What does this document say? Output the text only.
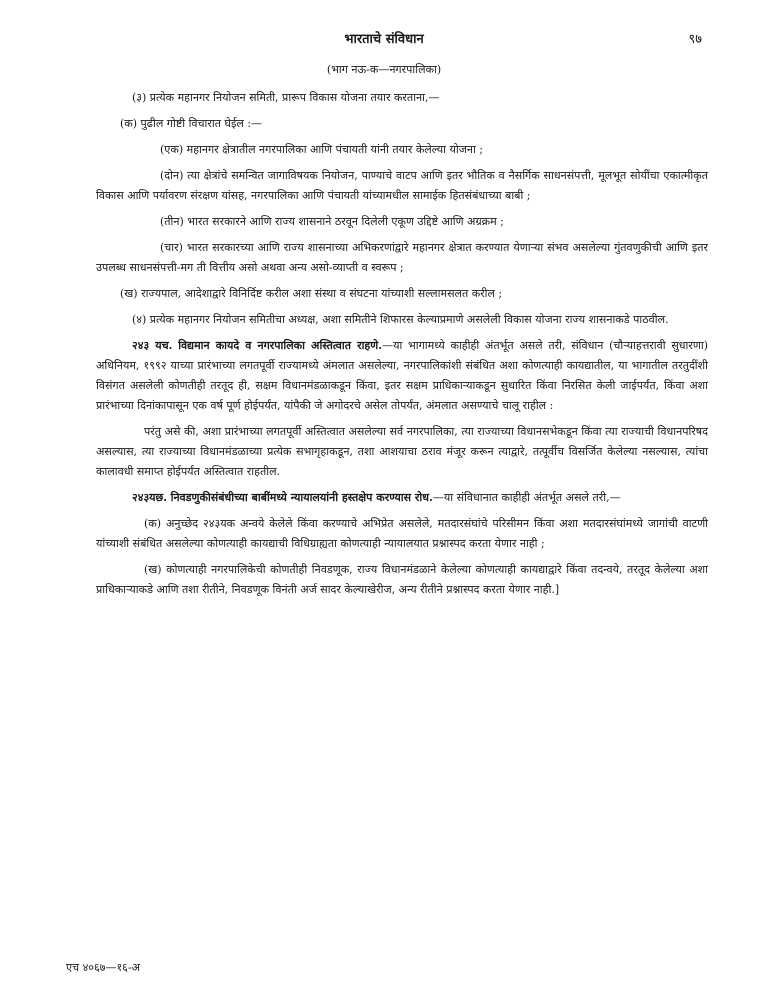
भारताचे संविधान	९७
(भाग नऊ-क—नगरपालिका)

(३) प्रत्येक महानगर नियोजन समिती, प्रारूप विकास योजना तयार करताना,—

(क) पुढील गोष्टी विचारात घेईल :—

(एक) महानगर क्षेत्रातील नगरपालिका आणि पंचायती यांनी तयार केलेल्या योजना ;

(दोन) त्या क्षेत्रांचे समन्वित जागाविषयक नियोजन, पाण्याचे वाटप आणि इतर भौतिक व नैसर्गिक साधनसंपत्ती, मूलभूत सोयींचा एकात्मीकृत विकास आणि पर्यावरण संरक्षण यांसह, नगरपालिका आणि पंचायती यांच्यामधील सामाईक हितसंबंधाच्या बाबी ;

(तीन) भारत सरकारने आणि राज्य शासनाने ठरवून दिलेली एकूण उद्दिष्टे आणि अग्रक्रम ;

(चार) भारत सरकारच्या आणि राज्य शासनाच्या अभिकरणांद्वारे महानगर क्षेत्रात करण्यात येणाऱ्या संभव असलेल्या गुंतवणुकीची आणि इतर उपलब्ध साधनसंपत्ती-मग ती वित्तीय असो अथवा अन्य असो-व्याप्ती व स्वरूप ;

(ख) राज्यपाल, आदेशाद्वारे विनिर्दिष्ट करील अशा संस्था व संघटना यांच्याशी सल्लामसलत करील ;

(४) प्रत्येक महानगर नियोजन समितीचा अध्यक्ष, अशा समितीने शिफारस केल्याप्रमाणे असलेली विकास योजना राज्य शासनाकडे पाठवील.

२४३ यच. विद्यमान कायदे व नगरपालिका अस्तित्वात राहणे.—या भागामध्ये काहीही अंतर्भूत असले तरी, संविधान (चौऱ्याहत्तरावी सुधारणा) अधिनियम, १९९२ याच्या प्रारंभाच्या लगतपूर्वी राज्यामध्ये अंमलात असलेल्या, नगरपालिकांशी संबंधित अशा कोणत्याही कायद्यातील, या भागातील तरतुदींशी विसंगत असलेली कोणतीही तरतूद ही, सक्षम विधानमंडळाकडून किंवा, इतर सक्षम प्राधिकाऱ्याकडून सुधारित किंवा निरसित केली जाईपर्यंत, किंवा अशा प्रारंभाच्या दिनांकापासून एक वर्ष पूर्ण होईपर्यंत, यांपैकी जे अगोदरचे असेल तोपर्यंत, अंमलात असण्याचे चालू राहील :

परंतु असे की, अशा प्रारंभाच्या लगतपूर्वी अस्तित्वात असलेल्या सर्व नगरपालिका, त्या राज्याच्या विधानसभेकडून किंवा त्या राज्याची विधानपरिषद असल्यास, त्या राज्याच्या विधानमंडळाच्या प्रत्येक सभागृहाकडून, तशा आशयाचा ठराव मंजूर करून त्याद्वारे, तत्पूर्वीच विसर्जित केलेल्या नसल्यास, त्यांचा कालावधी समाप्त होईपर्यंत अस्तित्वात राहतील.

२४३यछ. निवडणुकीसंबंधीच्या बाबींमध्ये न्यायालयांनी हस्तक्षेप करण्यास रोध.—या संविधानात काहीही अंतर्भूत असले तरी,—

(क) अनुच्छेद २४३यक अन्वये केलेले किंवा करण्याचे अभिप्रेत असलेले, मतदारसंघांचे परिसीमन किंवा अशा मतदारसंघांमध्ये जागांची वाटणी यांच्याशी संबंधित असलेल्या कोणत्याही कायद्याची विधिग्राह्यता कोणत्याही न्यायालयात प्रश्नास्पद करता येणार नाही ;

(ख) कोणत्याही नगरपालिकेची कोणतीही निवडणूक, राज्य विधानमंडळाने केलेल्या कोणत्याही कायद्याद्वारे किंवा तदन्वये, तरतूद केलेल्या अशा प्राधिकाऱ्याकडे आणि तशा रीतीने, निवडणूक विनंती अर्ज सादर केल्याखेरीज, अन्य रीतीने प्रश्नास्पद करता येणार नाही.]

एच ४०६७—१६-अ
